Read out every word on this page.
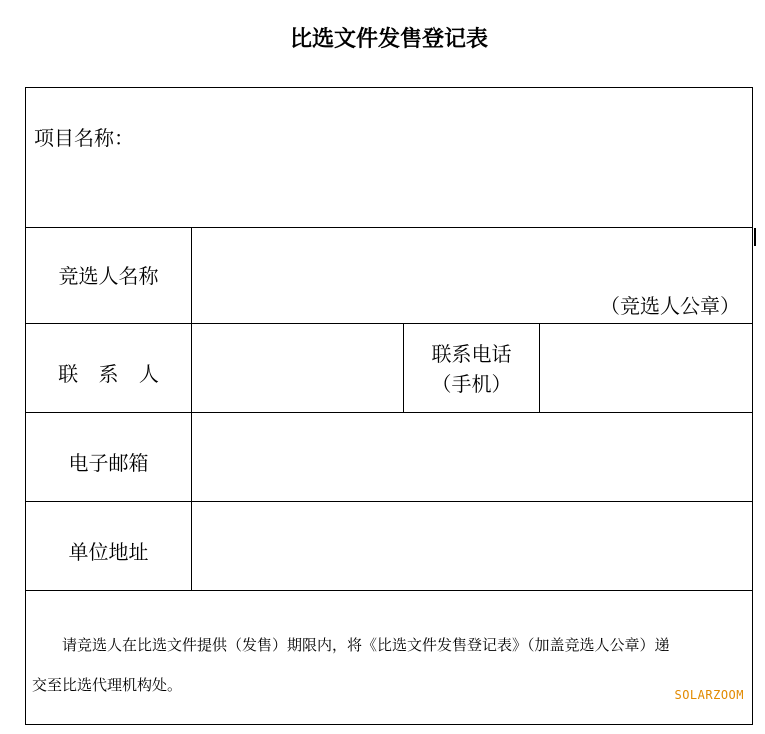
比选文件发售登记表
项目名称：
竞选人名称
（竞选人公章）
联 系 人
联系电话
（手机）
电子邮箱
单位地址
请竞选人在比选文件提供（发售）期限内，将《比选文件发售登记表》（加盖竞选人公章）递
交至比选代理机构处。
SOLARZOOM
